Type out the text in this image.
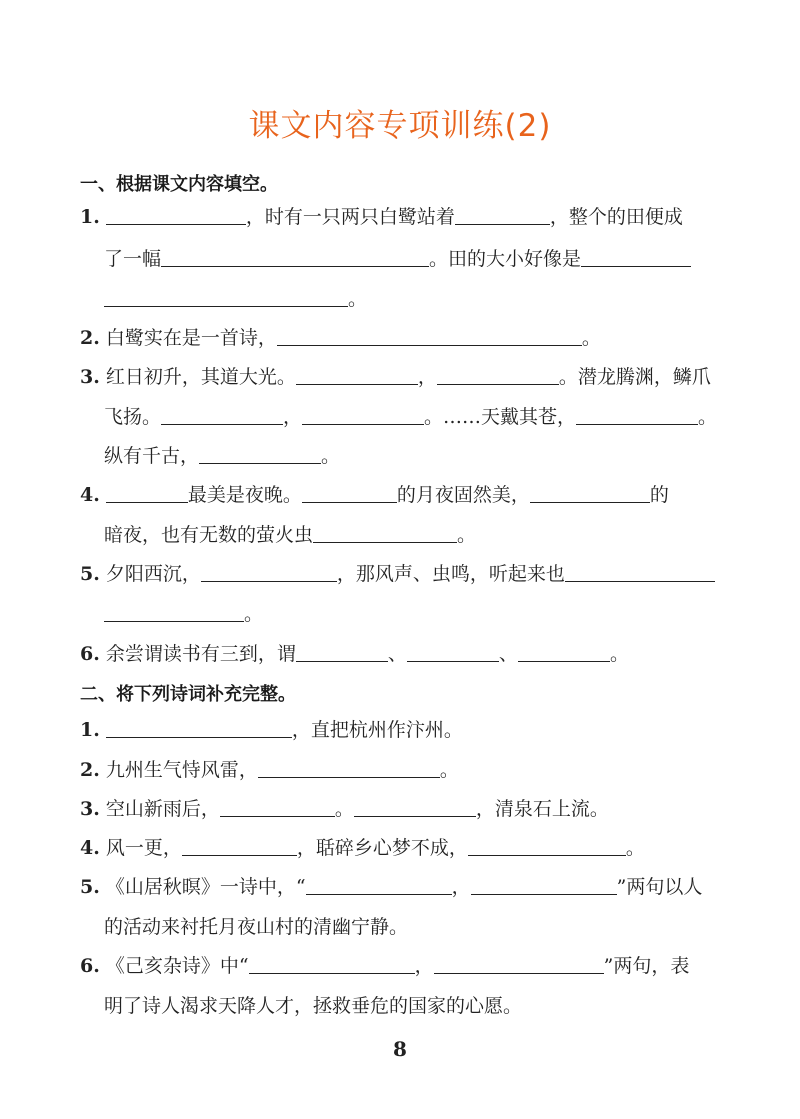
课文内容专项训练(2)
一、根据课文内容填空。
1.	，时有一只两只白鹭站着	，整个的田便成
了一幅	。田的大小好像是
。
2. 白鹭实在是一首诗，	。
3. 红日初升，其道大光。	，	。潜龙腾渊，鳞爪
飞扬。	，	。……天戴其苍，	。
纵有千古，	。
4.	最美是夜晚。	的月夜固然美，	的
暗夜，也有无数的萤火虫	。
5. 夕阳西沉，	，那风声、虫鸣，听起来也
。
6. 余尝谓读书有三到，谓	、	、	。
二、将下列诗词补充完整。
1.	，直把杭州作汴州。
2. 九州生气恃风雷，	。
3. 空山新雨后，	。	，清泉石上流。
4. 风一更，	，聒碎乡心梦不成，	。
5. 《山居秋暝》一诗中，“	，	”两句以人
的活动来衬托月夜山村的清幽宁静。
6. 《己亥杂诗》中“	，	”两句，表
明了诗人渴求天降人才，拯救垂危的国家的心愿。
8
